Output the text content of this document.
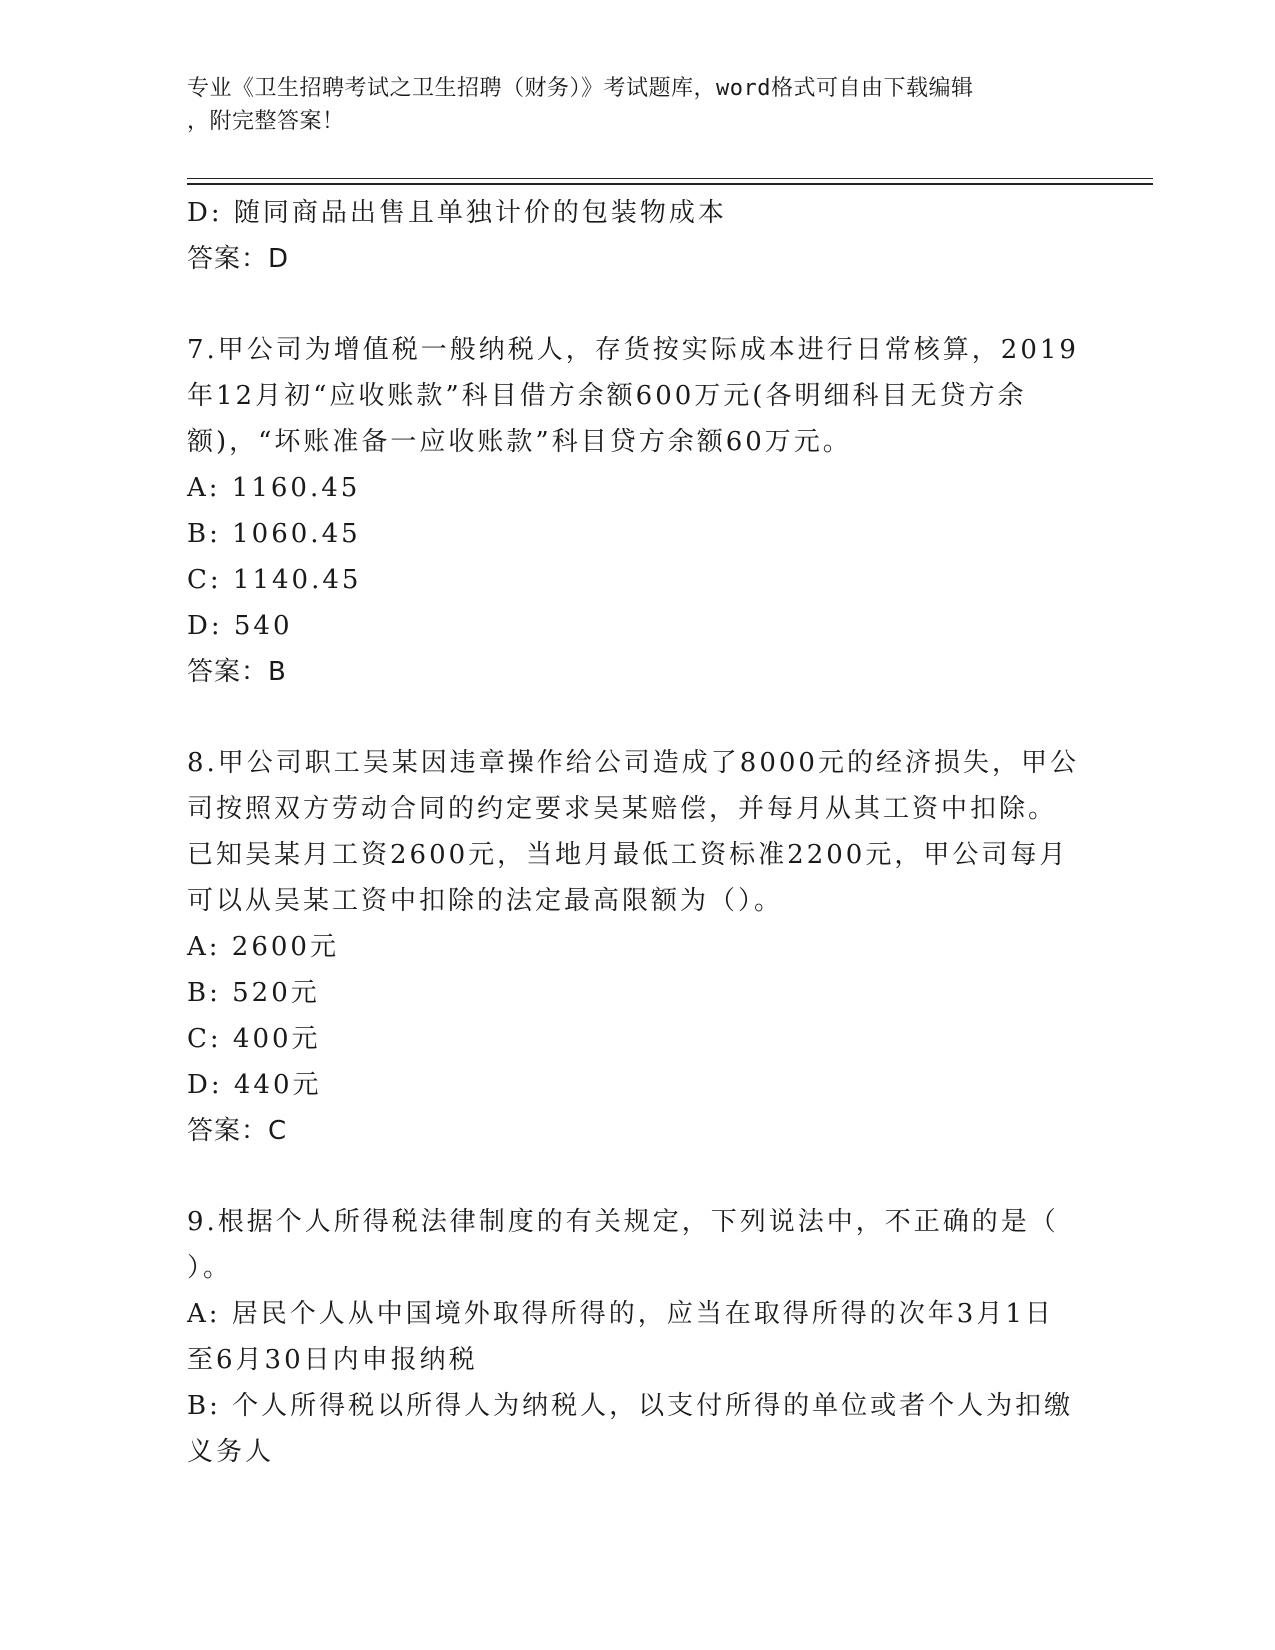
专业《卫生招聘考试之卫生招聘（财务）》考试题库，word格式可自由下载编辑
，附完整答案！
D: 随同商品出售且单独计价的包装物成本
答案：D
7.甲公司为增值税一般纳税人，存货按实际成本进行日常核算，2019
年12月初“应收账款”科目借方余额600万元(各明细科目无贷方余
额)，“坏账准备一应收账款”科目贷方余额60万元。
A: 1160.45
B: 1060.45
C: 1140.45
D: 540
答案：B
8.甲公司职工吴某因违章操作给公司造成了8000元的经济损失，甲公
司按照双方劳动合同的约定要求吴某赔偿，并每月从其工资中扣除。
已知吴某月工资2600元，当地月最低工资标准2200元，甲公司每月
可以从吴某工资中扣除的法定最高限额为（）。
A: 2600元
B: 520元
C: 400元
D: 440元
答案：C
9.根据个人所得税法律制度的有关规定，下列说法中，不正确的是（
）。
A: 居民个人从中国境外取得所得的，应当在取得所得的次年3月1日
至6月30日内申报纳税
B: 个人所得税以所得人为纳税人，以支付所得的单位或者个人为扣缴
义务人
